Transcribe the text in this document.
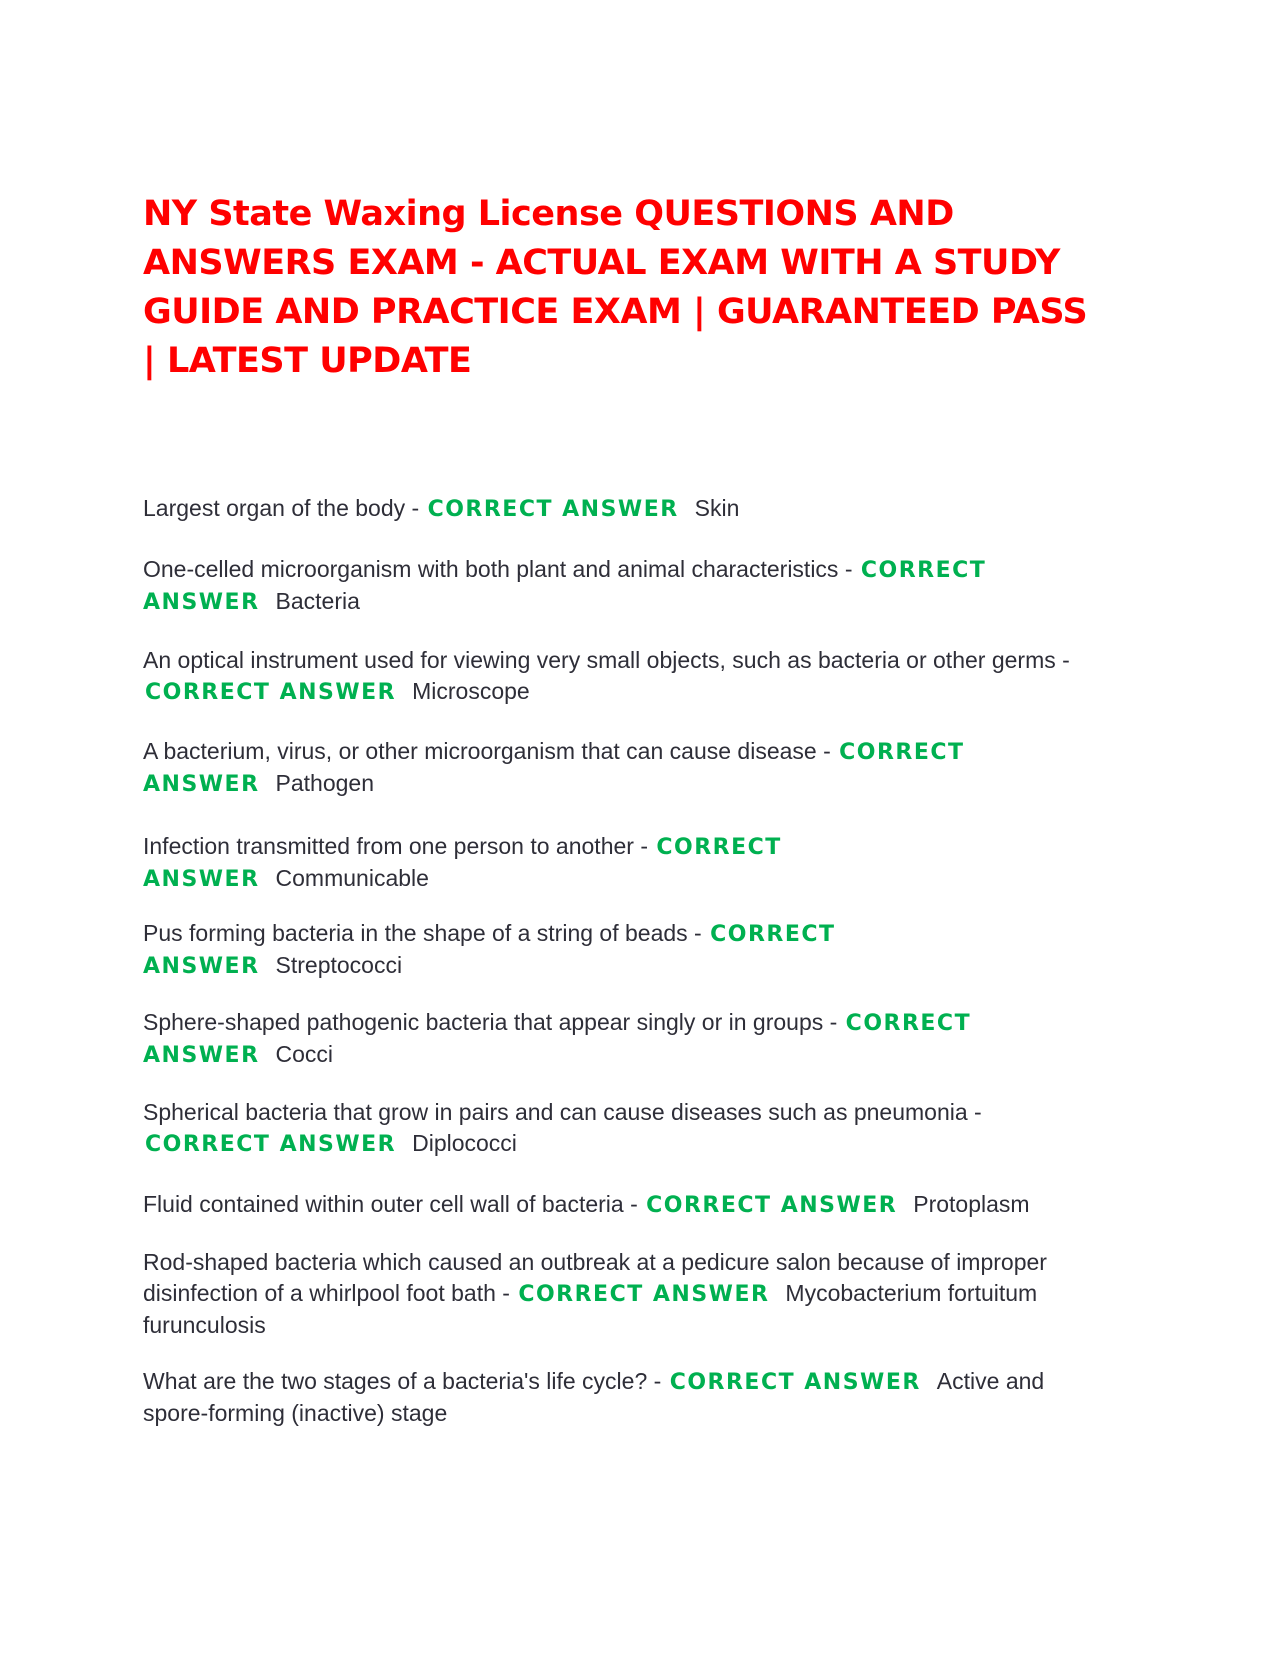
NY State Waxing License QUESTIONS AND ANSWERS EXAM - ACTUAL EXAM WITH A STUDY GUIDE AND PRACTICE EXAM | GUARANTEED PASS | LATEST UPDATE
Largest organ of the body - CORRECT ANSWER Skin
One-celled microorganism with both plant and animal characteristics - CORRECT ANSWER Bacteria
An optical instrument used for viewing very small objects, such as bacteria or other germs - CORRECT ANSWER Microscope
A bacterium, virus, or other microorganism that can cause disease - CORRECT ANSWER Pathogen
Infection transmitted from one person to another - CORRECT ANSWER Communicable
Pus forming bacteria in the shape of a string of beads - CORRECT ANSWER Streptococci
Sphere-shaped pathogenic bacteria that appear singly or in groups - CORRECT ANSWER Cocci
Spherical bacteria that grow in pairs and can cause diseases such as pneumonia - CORRECT ANSWER Diplococci
Fluid contained within outer cell wall of bacteria - CORRECT ANSWER Protoplasm
Rod-shaped bacteria which caused an outbreak at a pedicure salon because of improper disinfection of a whirlpool foot bath - CORRECT ANSWER Mycobacterium fortuitum furunculosis
What are the two stages of a bacteria's life cycle? - CORRECT ANSWER Active and spore-forming (inactive) stage
